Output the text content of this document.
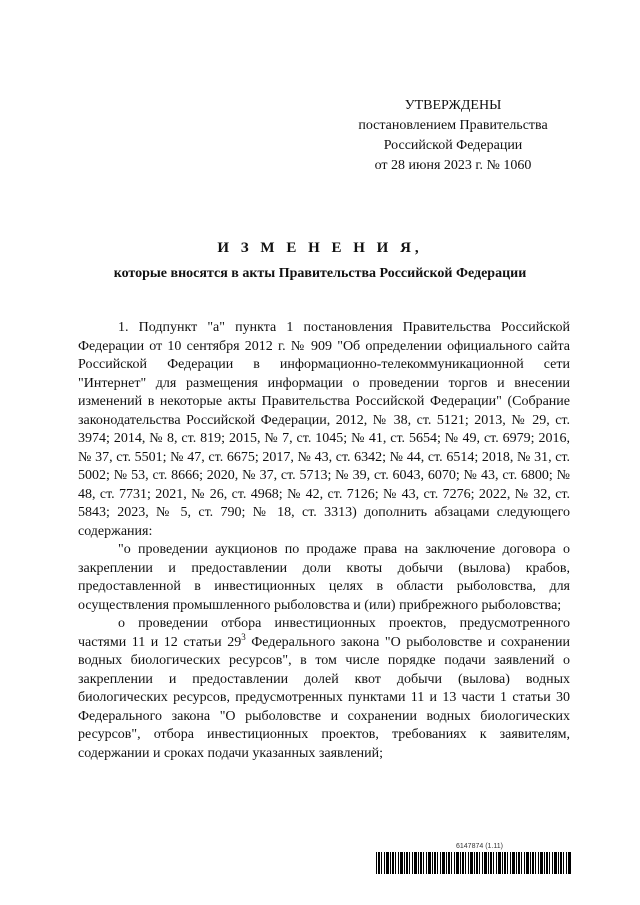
УТВЕРЖДЕНЫ
постановлением Правительства
Российской Федерации
от 28 июня 2023 г. № 1060
И З М Е Н Е Н И Я,
которые вносятся в акты Правительства Российской Федерации

1. Подпункт "а" пункта 1 постановления Правительства Российской Федерации от 10 сентября 2012 г. № 909 "Об определении официального сайта Российской Федерации в информационно-телекоммуникационной сети "Интернет" для размещения информации о проведении торгов и внесении изменений в некоторые акты Правительства Российской Федерации" (Собрание законодательства Российской Федерации, 2012, № 38, ст. 5121; 2013, № 29, ст. 3974; 2014, № 8, ст. 819; 2015, № 7, ст. 1045; № 41, ст. 5654; № 49, ст. 6979; 2016, № 37, ст. 5501; № 47, ст. 6675; 2017, № 43, ст. 6342; № 44, ст. 6514; 2018, № 31, ст. 5002; № 53, ст. 8666; 2020, № 37, ст. 5713; № 39, ст. 6043, 6070; № 43, ст. 6800; № 48, ст. 7731; 2021, № 26, ст. 4968; № 42, ст. 7126; № 43, ст. 7276; 2022, № 32, ст. 5843; 2023, № 5, ст. 790; № 18, ст. 3313) дополнить абзацами следующего содержания:

"о проведении аукционов по продаже права на заключение договора о закреплении и предоставлении доли квоты добычи (вылова) крабов, предоставленной в инвестиционных целях в области рыболовства, для осуществления промышленного рыболовства и (или) прибрежного рыболовства;

о проведении отбора инвестиционных проектов, предусмотренного частями 11 и 12 статьи $29^3$ Федерального закона "О рыболовстве и сохранении водных биологических ресурсов", в том числе порядке подачи заявлений о закреплении и предоставлении долей квот добычи (вылова) водных биологических ресурсов, предусмотренных пунктами 11 и 13 части 1 статьи 30 Федерального закона "О рыболовстве и сохранении водных биологических ресурсов", отбора инвестиционных проектов, требованиях к заявителям, содержании и сроках подачи указанных заявлений;

6147874 (1.11)
